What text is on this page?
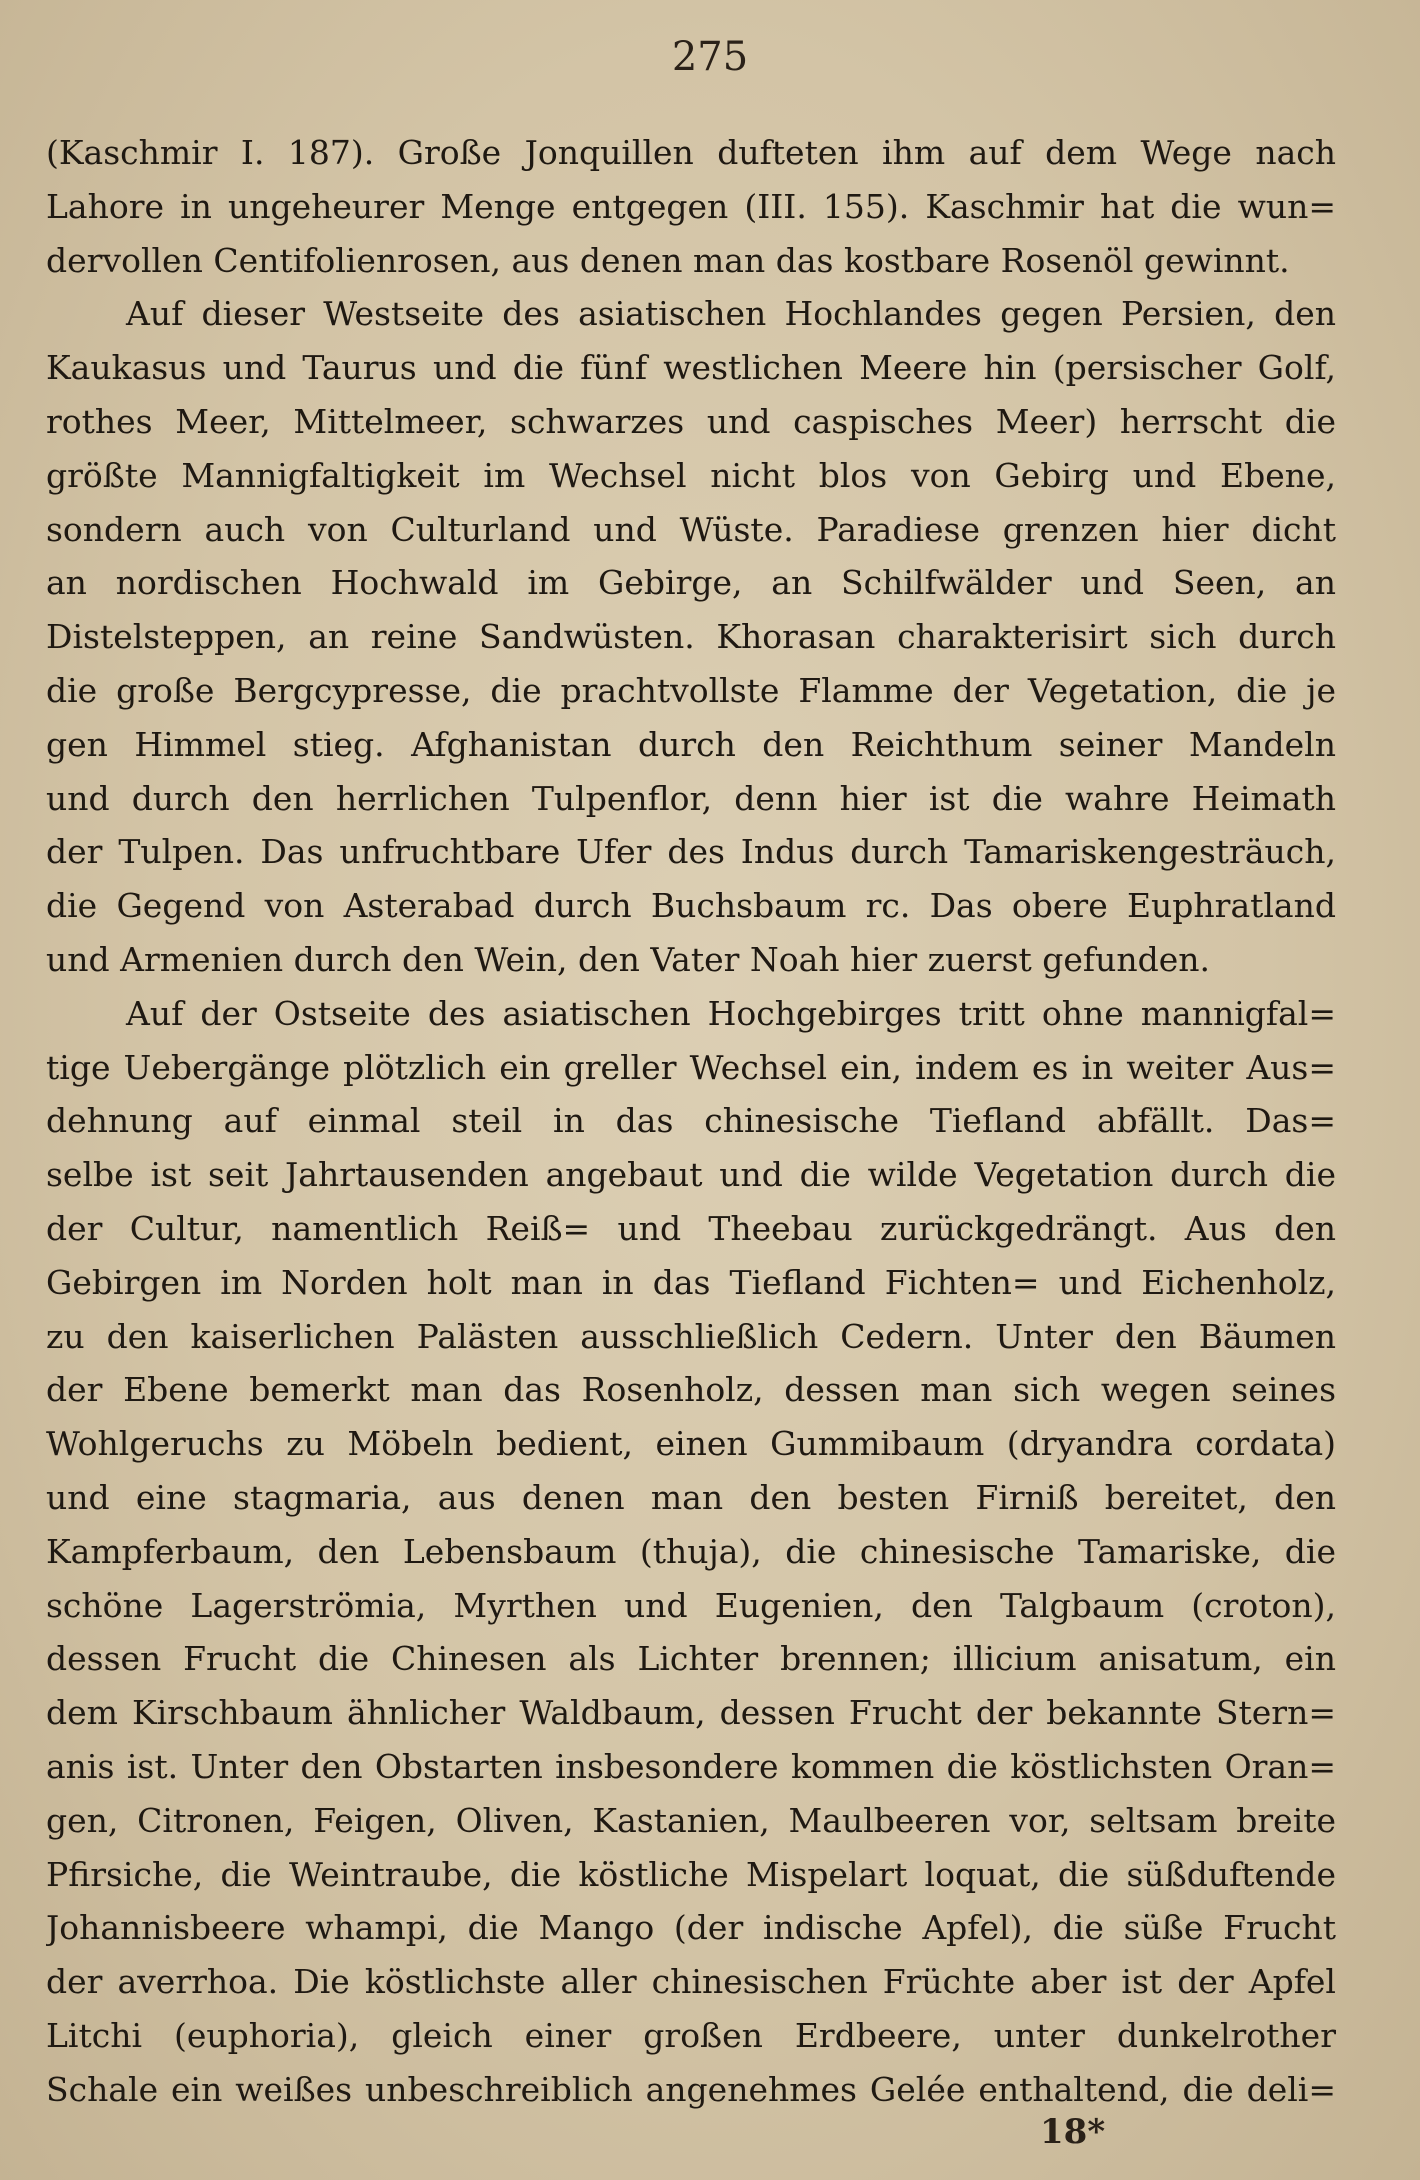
275
(Kaschmir I. 187). Große Jonquillen dufteten ihm auf dem Wege nach
Lahore in ungeheurer Menge entgegen (III. 155). Kaschmir hat die wun=
dervollen Centifolienrosen, aus denen man das kostbare Rosenöl gewinnt.
Auf dieser Westseite des asiatischen Hochlandes gegen Persien, den
Kaukasus und Taurus und die fünf westlichen Meere hin (persischer Golf,
rothes Meer, Mittelmeer, schwarzes und caspisches Meer) herrscht die
größte Mannigfaltigkeit im Wechsel nicht blos von Gebirg und Ebene,
sondern auch von Culturland und Wüste. Paradiese grenzen hier dicht
an nordischen Hochwald im Gebirge, an Schilfwälder und Seen, an
Distelsteppen, an reine Sandwüsten. Khorasan charakterisirt sich durch
die große Bergcypresse, die prachtvollste Flamme der Vegetation, die je
gen Himmel stieg. Afghanistan durch den Reichthum seiner Mandeln
und durch den herrlichen Tulpenflor, denn hier ist die wahre Heimath
der Tulpen. Das unfruchtbare Ufer des Indus durch Tamariskengesträuch,
die Gegend von Asterabad durch Buchsbaum rc. Das obere Euphratland
und Armenien durch den Wein, den Vater Noah hier zuerst gefunden.
Auf der Ostseite des asiatischen Hochgebirges tritt ohne mannigfal=
tige Uebergänge plötzlich ein greller Wechsel ein, indem es in weiter Aus=
dehnung auf einmal steil in das chinesische Tiefland abfällt. Das=
selbe ist seit Jahrtausenden angebaut und die wilde Vegetation durch die
der Cultur, namentlich Reiß= und Theebau zurückgedrängt. Aus den
Gebirgen im Norden holt man in das Tiefland Fichten= und Eichenholz,
zu den kaiserlichen Palästen ausschließlich Cedern. Unter den Bäumen
der Ebene bemerkt man das Rosenholz, dessen man sich wegen seines
Wohlgeruchs zu Möbeln bedient, einen Gummibaum (dryandra cordata)
und eine stagmaria, aus denen man den besten Firniß bereitet, den
Kampferbaum, den Lebensbaum (thuja), die chinesische Tamariske, die
schöne Lagerströmia, Myrthen und Eugenien, den Talgbaum (croton),
dessen Frucht die Chinesen als Lichter brennen; illicium anisatum, ein
dem Kirschbaum ähnlicher Waldbaum, dessen Frucht der bekannte Stern=
anis ist. Unter den Obstarten insbesondere kommen die köstlichsten Oran=
gen, Citronen, Feigen, Oliven, Kastanien, Maulbeeren vor, seltsam breite
Pfirsiche, die Weintraube, die köstliche Mispelart loquat, die süßduftende
Johannisbeere whampi, die Mango (der indische Apfel), die süße Frucht
der averrhoa. Die köstlichste aller chinesischen Früchte aber ist der Apfel
Litchi (euphoria), gleich einer großen Erdbeere, unter dunkelrother
Schale ein weißes unbeschreiblich angenehmes Gelée enthaltend, die deli=
18*
